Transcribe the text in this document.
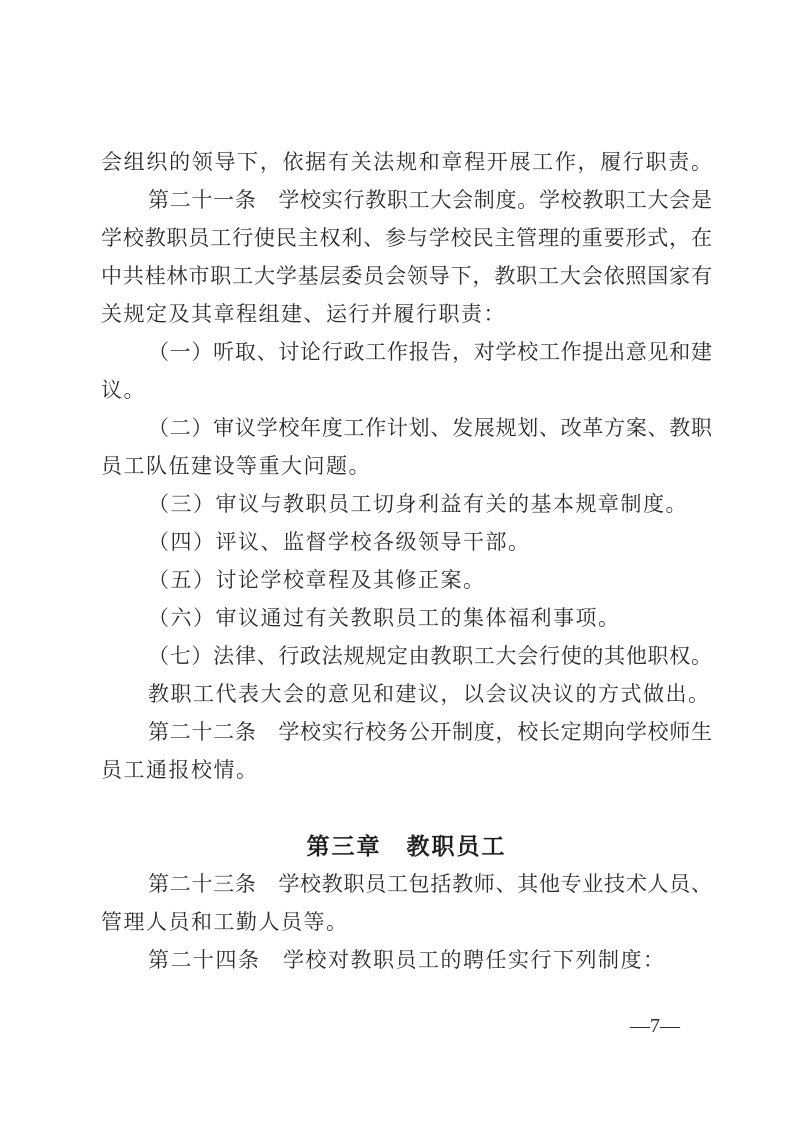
会组织的领导下，依据有关法规和章程开展工作，履行职责。
第二十一条　学校实行教职工大会制度。学校教职工大会是
学校教职员工行使民主权利、参与学校民主管理的重要形式，在
中共桂林市职工大学基层委员会领导下，教职工大会依照国家有
关规定及其章程组建、运行并履行职责：
（一）听取、讨论行政工作报告，对学校工作提出意见和建
议。
（二）审议学校年度工作计划、发展规划、改革方案、教职
员工队伍建设等重大问题。
（三）审议与教职员工切身利益有关的基本规章制度。
（四）评议、监督学校各级领导干部。
（五）讨论学校章程及其修正案。
（六）审议通过有关教职员工的集体福利事项。
（七）法律、行政法规规定由教职工大会行使的其他职权。
教职工代表大会的意见和建议，以会议决议的方式做出。
第二十二条　学校实行校务公开制度，校长定期向学校师生
员工通报校情。
第三章　教职员工
第二十三条　学校教职员工包括教师、其他专业技术人员、
管理人员和工勤人员等。
第二十四条　学校对教职员工的聘任实行下列制度：
—7—
